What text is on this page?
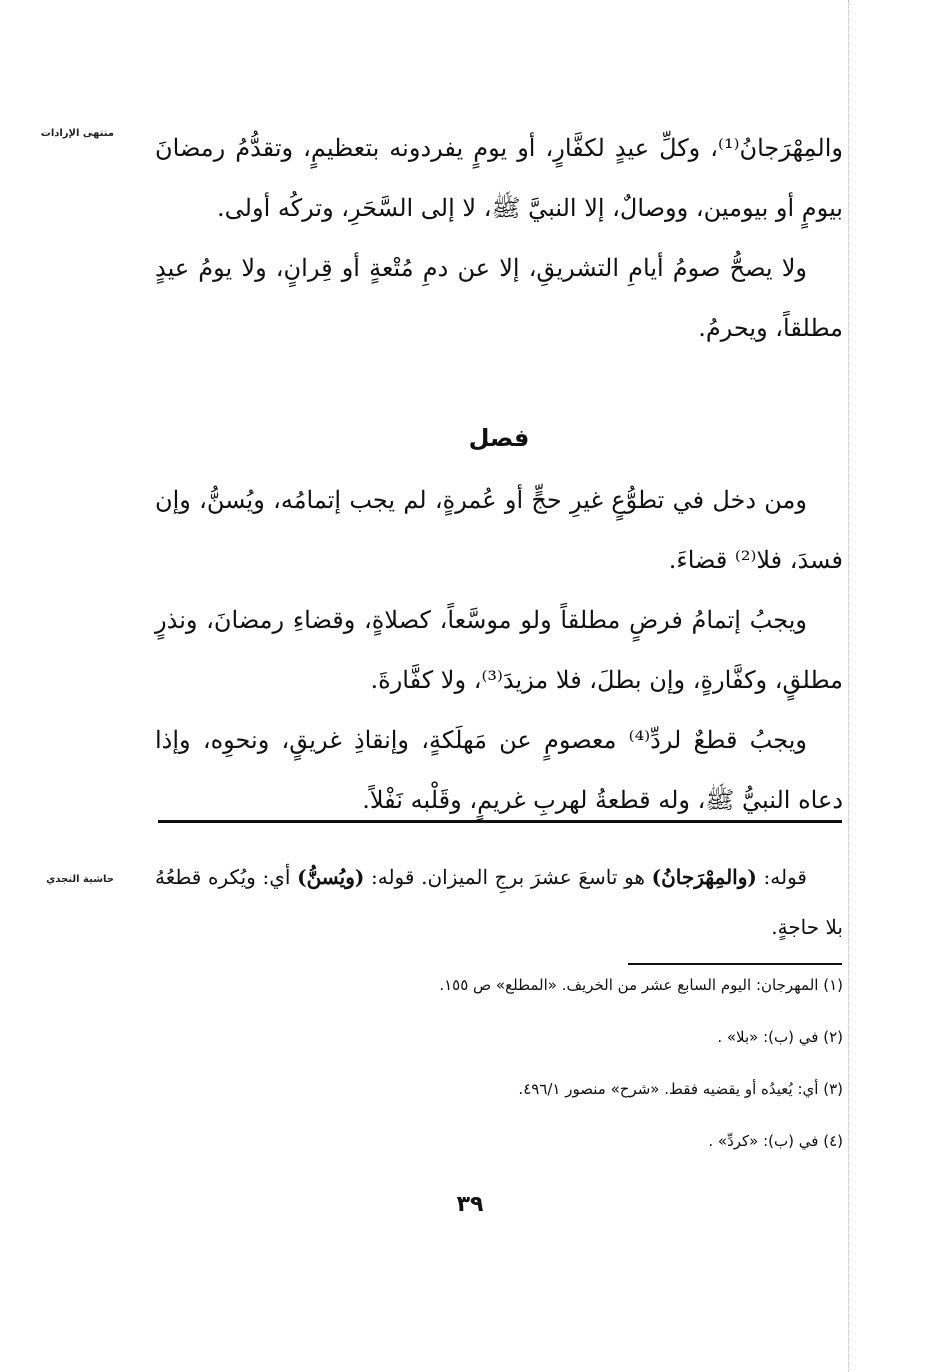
منتهى الإرادات
حاشية النجدي

والمِهْرَجانُ⁽¹⁾، وكلِّ عيدٍ لكفَّارٍ، أو يومٍ يفردونه بتعظيمٍ، وتقدُّمُ رمضانَ بيومٍ أو بيومين، ووصالٌ، إلا النبيَّ ﷺ، لا إلى السَّحَرِ، وتركُه أولى.

ولا يصحُّ صومُ أيامِ التشريقِ، إلا عن دمِ مُتْعةٍ أو قِرانٍ، ولا يومُ عيدٍ مطلقاً، ويحرمُ.

فصل

ومن دخل في تطوُّعٍ غيرِ حجٍّ أو عُمرةٍ، لم يجب إتمامُه، ويُسنُّ، وإن فسدَ، فلا⁽²⁾ قضاءَ.

ويجبُ إتمامُ فرضٍ مطلقاً ولو موسَّعاً، كصلاةٍ، وقضاءِ رمضانَ، ونذرٍ مطلقٍ، وكفَّارةٍ، وإن بطلَ، فلا مزيدَ⁽³⁾، ولا كفَّارةَ.

ويجبُ قطعٌ لردِّ⁽⁴⁾ معصومٍ عن مَهلَكةٍ، وإنقاذِ غريقٍ، ونحوِه، وإذا دعاه النبيُّ ﷺ، وله قطعةُ لهربِ غريمٍ، وقَلْبه نَفْلاً.

قوله: (والمِهْرَجانُ) هو تاسعَ عشرَ برجِ الميزان. قوله: (ويُسنُّ) أي: ويُكره قطعُهُ بلا حاجةٍ.

(١) المهرجان: اليوم السابع عشر من الخريف. «المطلع» ص ١٥٥.
(٢) في (ب): «بلا» .
(٣) أي: يُعيدُه أو يقضيه فقط. «شرح» منصور ٤٩٦/١.
(٤) في (ب): «كردِّ» .
٣٩
